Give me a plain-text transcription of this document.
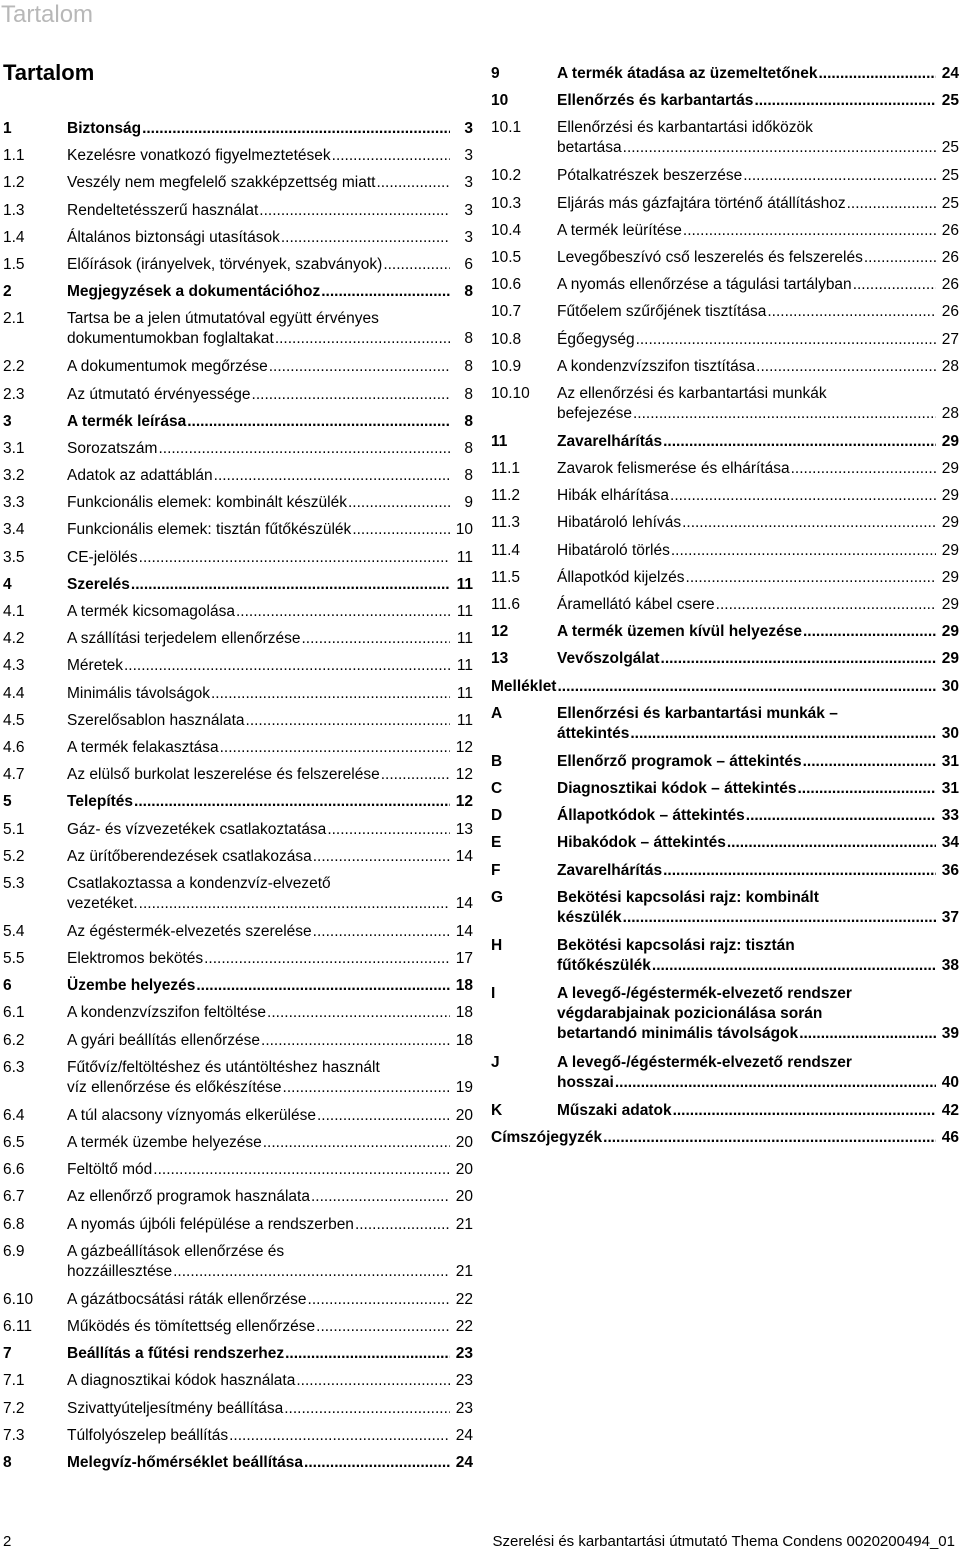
Tartalom
Tartalom
1	Biztonság .....	3
1.1	Kezelésre vonatkozó figyelmeztetések .....	3
1.2	Veszély nem megfelelő szakképzettség miatt .....	3
1.3	Rendeltetésszerű használat .....	3
1.4	Általános biztonsági utasítások .....	3
1.5	Előírások (irányelvek, törvények, szabványok) .....	6
2	Megjegyzések a dokumentációhoz .....	8
2.1	Tartsa be a jelen útmutatóval együtt érvényes
dokumentumokban foglaltakat .....	8
2.2	A dokumentumok megőrzése .....	8
2.3	Az útmutató érvényessége .....	8
3	A termék leírása .....	8
3.1	Sorozatszám .....	8
3.2	Adatok az adattáblán .....	8
3.3	Funkcionális elemek: kombinált készülék .....	9
3.4	Funkcionális elemek: tisztán fűtőkészülék .....	10
3.5	CE-jelölés .....	11
4	Szerelés .....	11
4.1	A termék kicsomagolása .....	11
4.2	A szállítási terjedelem ellenőrzése .....	11
4.3	Méretek .....	11
4.4	Minimális távolságok .....	11
4.5	Szerelősablon használata .....	11
4.6	A termék felakasztása .....	12
4.7	Az elülső burkolat leszerelése és felszerelése .....	12
5	Telepítés .....	12
5.1	Gáz- és vízvezetékek csatlakoztatása .....	13
5.2	Az ürítőberendezések csatlakozása .....	14
5.3	Csatlakoztassa a kondenzvíz-elvezető
vezetéket. .....	14
5.4	Az égéstermék-elvezetés szerelése .....	14
5.5	Elektromos bekötés .....	17
6	Üzembe helyezés .....	18
6.1	A kondenzvízszifon feltöltése .....	18
6.2	A gyári beállítás ellenőrzése .....	18
6.3	Fűtővíz/feltöltéshez és utántöltéshez használt
víz ellenőrzése és előkészítése .....	19
6.4	A túl alacsony víznyomás elkerülése .....	20
6.5	A termék üzembe helyezése .....	20
6.6	Feltöltő mód .....	20
6.7	Az ellenőrző programok használata .....	20
6.8	A nyomás újbóli felépülése a rendszerben .....	21
6.9	A gázbeállítások ellenőrzése és
hozzáillesztése .....	21
6.10	A gázátbocsátási ráták ellenőrzése .....	22
6.11	Működés és tömítettség ellenőrzése .....	22
7	Beállítás a fűtési rendszerhez .....	23
7.1	A diagnosztikai kódok használata .....	23
7.2	Szivattyúteljesítmény beállítása .....	23
7.3	Túlfolyószelep beállítás .....	24
8	Melegvíz-hőmérséklet beállítása .....	24
9	A termék átadása az üzemeltetőnek .....	24
10	Ellenőrzés és karbantartás .....	25
10.1	Ellenőrzési és karbantartási időközök
betartása .....	25
10.2	Pótalkatrészek beszerzése .....	25
10.3	Eljárás más gázfajtára történő átállításhoz .....	25
10.4	A termék leürítése .....	26
10.5	Levegőbeszívó cső leszerelés és felszerelés .....	26
10.6	A nyomás ellenőrzése a tágulási tartályban .....	26
10.7	Fűtőelem szűrőjének tisztítása .....	26
10.8	Égőegység .....	27
10.9	A kondenzvízszifon tisztítása .....	28
10.10	Az ellenőrzési és karbantartási munkák
befejezése .....	28
11	Zavarelhárítás .....	29
11.1	Zavarok felismerése és elhárítása .....	29
11.2	Hibák elhárítása .....	29
11.3	Hibatároló lehívás .....	29
11.4	Hibatároló törlés .....	29
11.5	Állapotkód kijelzés .....	29
11.6	Áramellátó kábel csere .....	29
12	A termék üzemen kívül helyezése .....	29
13	Vevőszolgálat .....	29
Melléklet .....	30
A	Ellenőrzési és karbantartási munkák –
áttekintés .....	30
B	Ellenőrző programok – áttekintés .....	31
C	Diagnosztikai kódok – áttekintés .....	31
D	Állapotkódok – áttekintés .....	33
E	Hibakódok – áttekintés .....	34
F	Zavarelhárítás .....	36
G	Bekötési kapcsolási rajz: kombinált
készülék .....	37
H	Bekötési kapcsolási rajz: tisztán
fűtőkészülék .....	38
I	A levegő-/égéstermék-elvezető rendszer
végdarabjainak pozicionálása során
betartandó minimális távolságok .....	39
J	A levegő-/égéstermék-elvezető rendszer
hosszai .....	40
K	Műszaki adatok .....	42
Címszójegyzék .....	46
2	Szerelési és karbantartási útmutató Thema Condens 0020200494_01
